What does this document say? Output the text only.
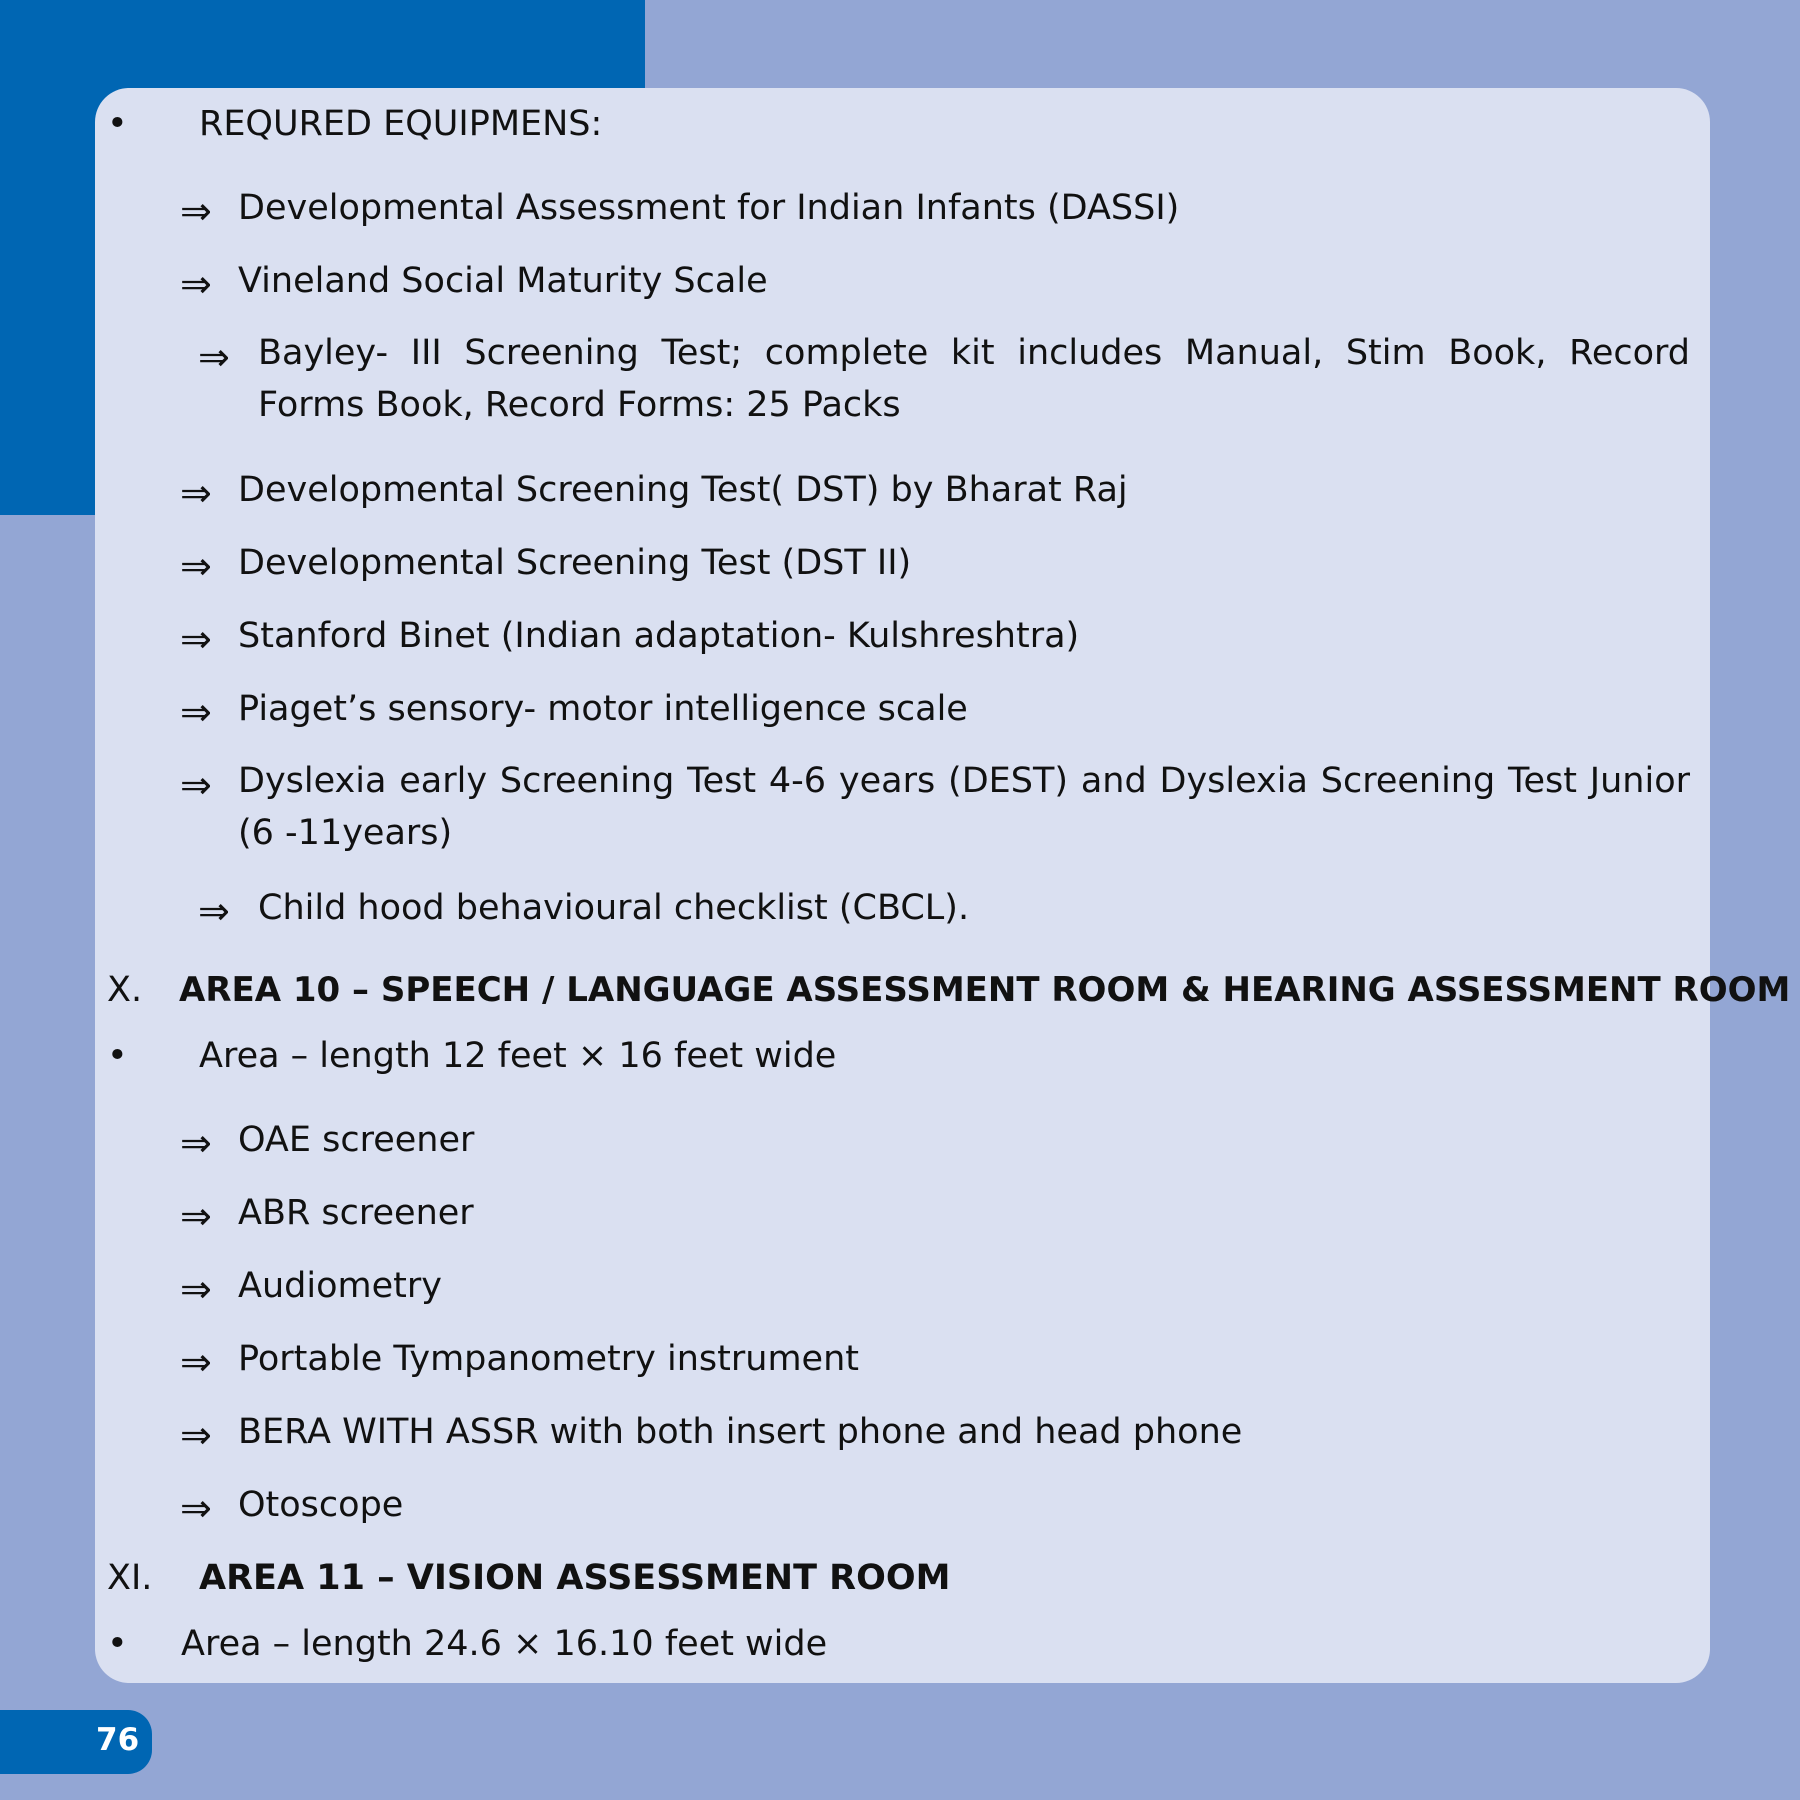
• REQURED EQUIPMENS:
⇒ Developmental Assessment for Indian Infants (DASSI)
⇒ Vineland Social Maturity Scale
⇒ Bayley- III Screening Test; complete kit includes Manual, Stim Book, Record Forms Book, Record Forms: 25 Packs
⇒ Developmental Screening Test( DST) by Bharat Raj
⇒ Developmental Screening Test (DST II)
⇒ Stanford Binet (Indian adaptation- Kulshreshtra)
⇒ Piaget’s sensory- motor intelligence scale
⇒ Dyslexia early Screening Test 4-6 years (DEST) and Dyslexia Screening Test Junior (6 -11years)
⇒ Child hood behavioural checklist (CBCL).
X. AREA 10 – SPEECH / LANGUAGE ASSESSMENT ROOM & HEARING ASSESSMENT ROOM
• Area – length 12 feet × 16 feet wide
⇒ OAE screener
⇒ ABR screener
⇒ Audiometry
⇒ Portable Tympanometry instrument
⇒ BERA WITH ASSR with both insert phone and head phone
⇒ Otoscope
XI. AREA 11 – VISION ASSESSMENT ROOM
• Area – length 24.6 × 16.10 feet wide
76
